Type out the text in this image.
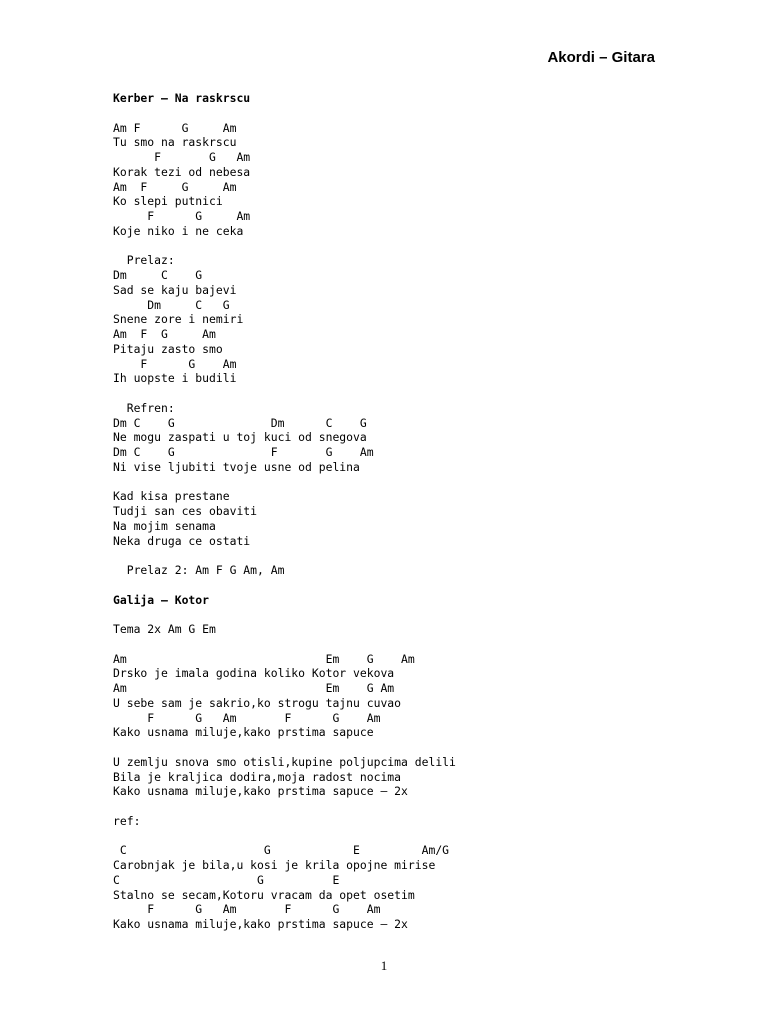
Akordi – Gitara
Kerber – Na raskrscu
Am F      G     Am
Tu smo na raskrscu
F       G   Am
Korak tezi od nebesa
Am  F     G     Am
Ko slepi putnici
F      G     Am
Koje niko i ne ceka
Prelaz:
Dm     C    G
Sad se kaju bajevi
Dm     C   G
Snene zore i nemiri
Am  F  G     Am
Pitaju zasto smo
F      G    Am
Ih uopste i budili
Refren:
Dm C    G              Dm      C    G
Ne mogu zaspati u toj kuci od snegova
Dm C    G              F       G    Am
Ni vise ljubiti tvoje usne od pelina
Kad kisa prestane
Tudji san ces obaviti
Na mojim senama
Neka druga ce ostati
Prelaz 2: Am F G Am, Am
Galija – Kotor
Tema 2x Am G Em
Am                             Em    G    Am
Drsko je imala godina koliko Kotor vekova
Am                             Em    G Am
U sebe sam je sakrio,ko strogu tajnu cuvao
F      G   Am       F      G    Am
Kako usnama miluje,kako prstima sapuce
U zemlju snova smo otisli,kupine poljupcima delili
Bila je kraljica dodira,moja radost nocima
Kako usnama miluje,kako prstima sapuce – 2x
ref:
C                    G            E         Am/G
Carobnjak je bila,u kosi je krila opojne mirise
C                    G          E
Stalno se secam,Kotoru vracam da opet osetim
F      G   Am       F      G    Am
Kako usnama miluje,kako prstima sapuce – 2x
1
